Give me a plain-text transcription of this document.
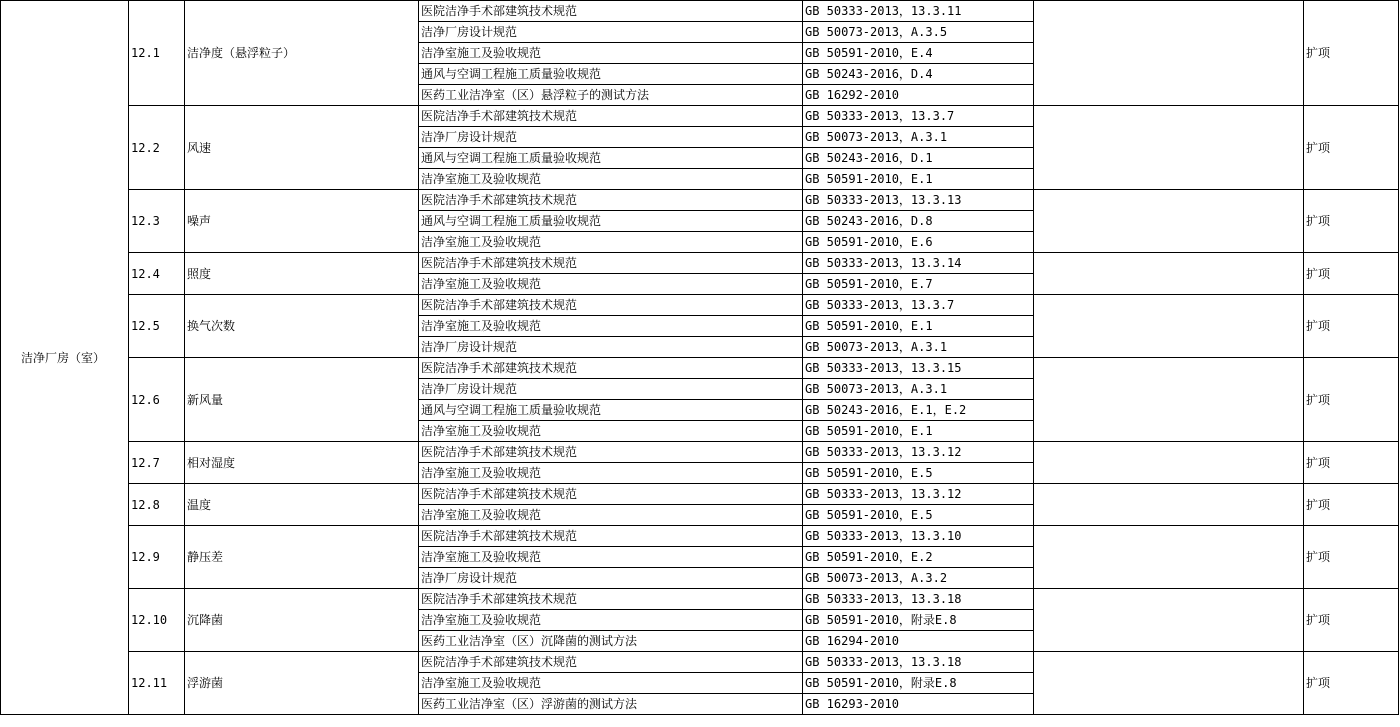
洁净厂房（室）	12.1	洁净度（悬浮粒子）	医院洁净手术部建筑技术规范	GB 50333-2013，13.3.11		扩项
			洁净厂房设计规范	GB 50073-2013，A.3.5		
			洁净室施工及验收规范	GB 50591-2010，E.4		
			通风与空调工程施工质量验收规范	GB 50243-2016，D.4		
			医药工业洁净室（区）悬浮粒子的测试方法	GB 16292-2010		
	12.2	风速	医院洁净手术部建筑技术规范	GB 50333-2013，13.3.7		扩项
			洁净厂房设计规范	GB 50073-2013，A.3.1		
			通风与空调工程施工质量验收规范	GB 50243-2016，D.1		
			洁净室施工及验收规范	GB 50591-2010，E.1		
	12.3	噪声	医院洁净手术部建筑技术规范	GB 50333-2013，13.3.13		扩项
			通风与空调工程施工质量验收规范	GB 50243-2016，D.8		
			洁净室施工及验收规范	GB 50591-2010，E.6		
	12.4	照度	医院洁净手术部建筑技术规范	GB 50333-2013，13.3.14		扩项
			洁净室施工及验收规范	GB 50591-2010，E.7		
	12.5	换气次数	医院洁净手术部建筑技术规范	GB 50333-2013，13.3.7		扩项
			洁净室施工及验收规范	GB 50591-2010，E.1		
			洁净厂房设计规范	GB 50073-2013，A.3.1		
	12.6	新风量	医院洁净手术部建筑技术规范	GB 50333-2013，13.3.15		扩项
			洁净厂房设计规范	GB 50073-2013，A.3.1		
			通风与空调工程施工质量验收规范	GB 50243-2016，E.1，E.2		
			洁净室施工及验收规范	GB 50591-2010，E.1		
	12.7	相对湿度	医院洁净手术部建筑技术规范	GB 50333-2013，13.3.12		扩项
			洁净室施工及验收规范	GB 50591-2010，E.5		
	12.8	温度	医院洁净手术部建筑技术规范	GB 50333-2013，13.3.12		扩项
			洁净室施工及验收规范	GB 50591-2010，E.5		
	12.9	静压差	医院洁净手术部建筑技术规范	GB 50333-2013，13.3.10		扩项
			洁净室施工及验收规范	GB 50591-2010，E.2		
			洁净厂房设计规范	GB 50073-2013，A.3.2		
	12.10	沉降菌	医院洁净手术部建筑技术规范	GB 50333-2013，13.3.18		扩项
			洁净室施工及验收规范	GB 50591-2010，附录E.8		
			医药工业洁净室（区）沉降菌的测试方法	GB 16294-2010		
	12.11	浮游菌	医院洁净手术部建筑技术规范	GB 50333-2013，13.3.18		扩项
			洁净室施工及验收规范	GB 50591-2010，附录E.8		
			医药工业洁净室（区）浮游菌的测试方法	GB 16293-2010		
